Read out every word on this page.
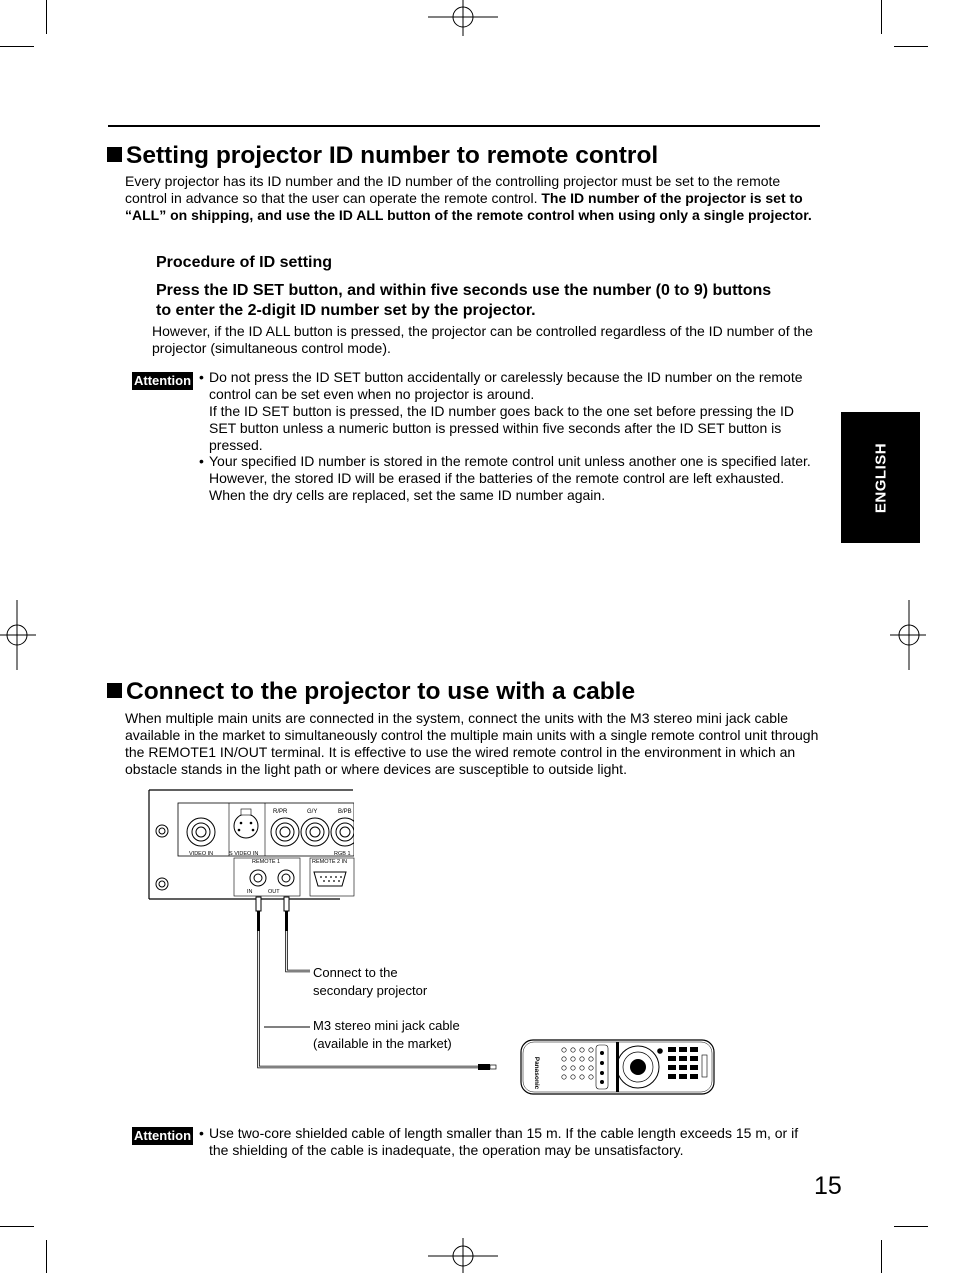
Setting projector ID number to remote control
Every projector has its ID number and the ID number of the controlling projector must be set to the remote
control in advance so that the user can operate the remote control. The ID number of the projector is set to
“ALL” on shipping, and use the ID ALL button of the remote control when using only a single projector.
Procedure of ID setting
Press the ID SET button, and within five seconds use the number (0 to 9) buttons
to enter the 2-digit ID number set by the projector.
However, if the ID ALL button is pressed, the projector can be controlled regardless of the ID number of the
projector (simultaneous control mode).
Attention • Do not press the ID SET button accidentally or carelessly because the ID number on the remote
control can be set even when no projector is around.
If the ID SET button is pressed, the ID number goes back to the one set before pressing the ID
SET button unless a numeric button is pressed within five seconds after the ID SET button is
pressed.
• Your specified ID number is stored in the remote control unit unless another one is specified later.
However, the stored ID will be erased if the batteries of the remote control are left exhausted.
When the dry cells are replaced, set the same ID number again.	ENGLISH
Connect to the projector to use with a cable
When multiple main units are connected in the system, connect the units with the M3 stereo mini jack cable
available in the market to simultaneously control the multiple main units with a single remote control unit through
the REMOTE1 IN/OUT terminal. It is effective to use the wired remote control in the environment in which an
obstacle stands in the light path or where devices are susceptible to outside light.
R/PR	G/Y	B/PB
VIDEO IN	S VIDEO IN	RGB 1
REMOTE 1	REMOTE 2 IN
IN	OUT
Panasonic
Connect to the
secondary projector
M3 stereo mini jack cable
(available in the market)
Attention • Use two-core shielded cable of length smaller than 15 m. If the cable length exceeds 15 m, or if
the shielding of the cable is inadequate, the operation may be unsatisfactory.
15
